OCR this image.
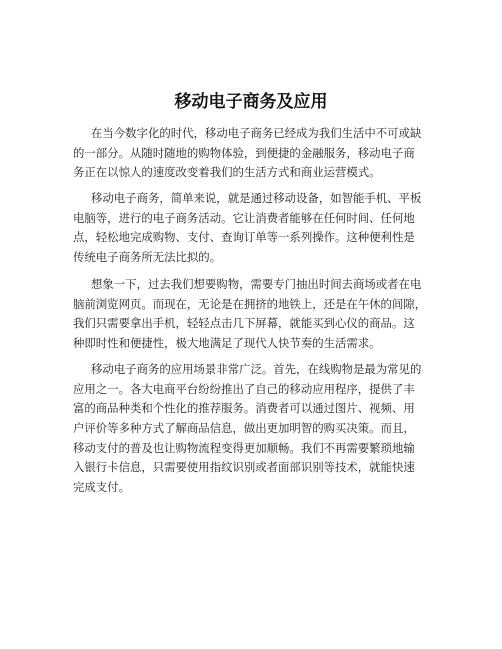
移动电子商务及应用
在当今数字化的时代，移动电子商务已经成为我们生活中不可或缺
的一部分。从随时随地的购物体验，到便捷的金融服务，移动电子商
务正在以惊人的速度改变着我们的生活方式和商业运营模式。
移动电子商务，简单来说，就是通过移动设备，如智能手机、平板
电脑等，进行的电子商务活动。它让消费者能够在任何时间、任何地
点，轻松地完成购物、支付、查询订单等一系列操作。这种便利性是
传统电子商务所无法比拟的。
想象一下，过去我们想要购物，需要专门抽出时间去商场或者在电
脑前浏览网页。而现在，无论是在拥挤的地铁上，还是在午休的间隙，
我们只需要拿出手机，轻轻点击几下屏幕，就能买到心仪的商品。这
种即时性和便捷性，极大地满足了现代人快节奏的生活需求。
移动电子商务的应用场景非常广泛。首先，在线购物是最为常见的
应用之一。各大电商平台纷纷推出了自己的移动应用程序，提供了丰
富的商品种类和个性化的推荐服务。消费者可以通过图片、视频、用
户评价等多种方式了解商品信息，做出更加明智的购买决策。而且，
移动支付的普及也让购物流程变得更加顺畅。我们不再需要繁琐地输
入银行卡信息，只需要使用指纹识别或者面部识别等技术，就能快速
完成支付。
